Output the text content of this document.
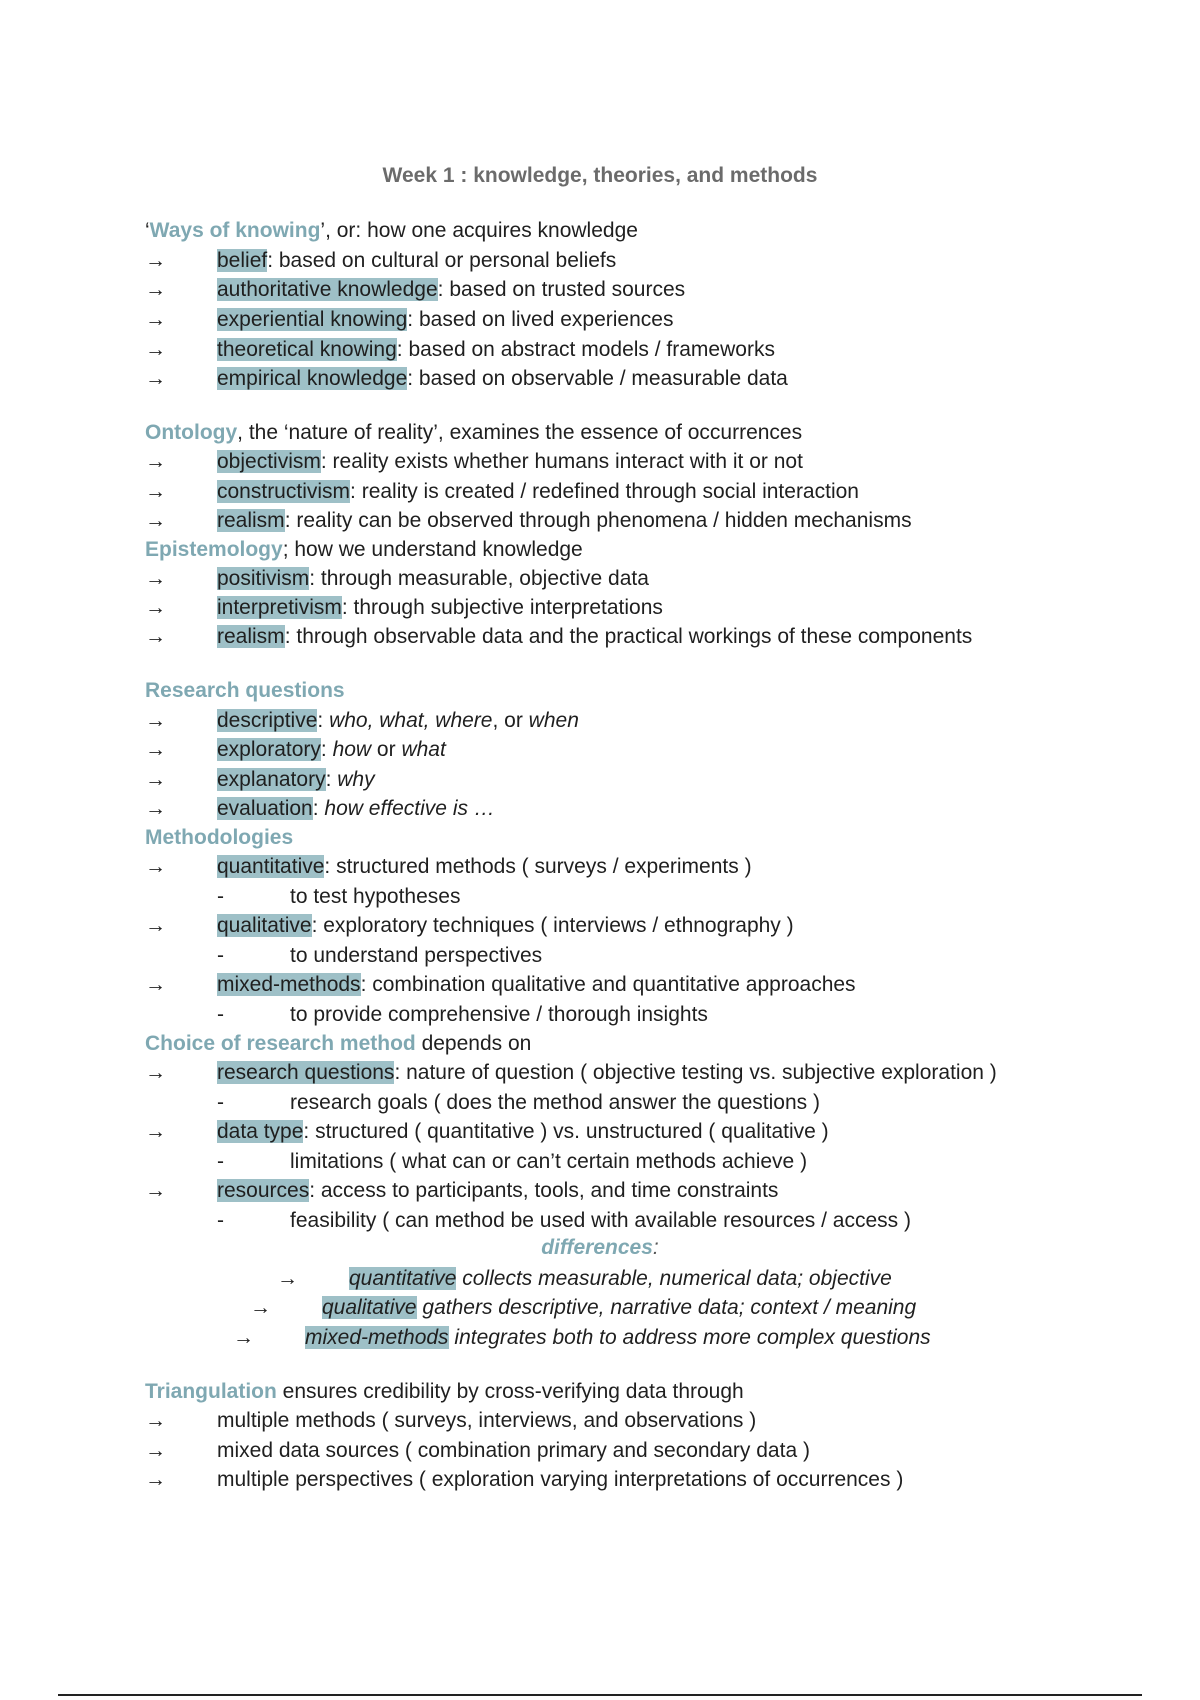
Week 1 : knowledge, theories, and methods
‘Ways of knowing’, or: how one acquires knowledge
→ belief: based on cultural or personal beliefs
→ authoritative knowledge: based on trusted sources
→ experiential knowing: based on lived experiences
→ theoretical knowing: based on abstract models / frameworks
→ empirical knowledge: based on observable / measurable data
Ontology, the ‘nature of reality’, examines the essence of occurrences
→ objectivism: reality exists whether humans interact with it or not
→ constructivism: reality is created / redefined through social interaction
→ realism: reality can be observed through phenomena / hidden mechanisms
Epistemology; how we understand knowledge
→ positivism: through measurable, objective data
→ interpretivism: through subjective interpretations
→ realism: through observable data and the practical workings of these components
Research questions
→ descriptive: who, what, where, or when
→ exploratory: how or what
→ explanatory: why
→ evaluation: how effective is …
Methodologies
→ quantitative: structured methods ( surveys / experiments )
-	to test hypotheses
→ qualitative: exploratory techniques ( interviews / ethnography )
-	to understand perspectives
→ mixed-methods: combination qualitative and quantitative approaches
-	to provide comprehensive / thorough insights
Choice of research method depends on
→ research questions: nature of question ( objective testing vs. subjective exploration )
-	research goals ( does the method answer the questions )
→ data type: structured ( quantitative ) vs. unstructured ( qualitative )
-	limitations ( what can or can’t certain methods achieve )
→ resources: access to participants, tools, and time constraints
-	feasibility ( can method be used with available resources / access )
differences:
→ quantitative collects measurable, numerical data; objective
→ qualitative gathers descriptive, narrative data; context / meaning
→ mixed-methods integrates both to address more complex questions
Triangulation ensures credibility by cross-verifying data through
→ multiple methods ( surveys, interviews, and observations )
→ mixed data sources ( combination primary and secondary data )
→ multiple perspectives ( exploration varying interpretations of occurrences )
